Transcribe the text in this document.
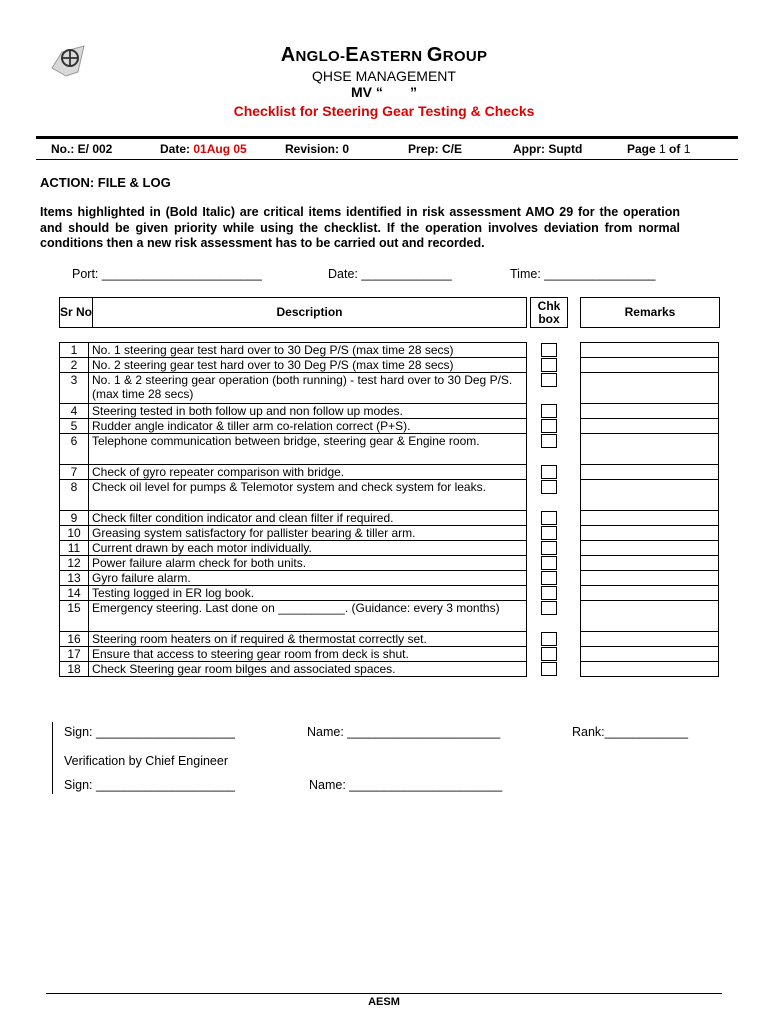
ANGLO-EASTERN GROUP
QHSE MANAGEMENT
MV “       ”
Checklist for Steering Gear Testing & Checks
No.: E/ 002	Date: 01Aug 05	Revision: 0	Prep: C/E	Appr: Suptd	Page 1 of 1
ACTION: FILE & LOG
Items highlighted in (Bold Italic) are critical items identified in risk assessment AMO 29 for the operation and should be given priority while using the checklist. If the operation involves deviation from normal conditions then a new risk assessment has to be carried out and recorded.
Port: _______________________	Date: _____________	Time: ________________
Sr No	Description	Chk box	Remarks
1	No. 1 steering gear test hard over to 30 Deg P/S (max time 28 secs)
2	No. 2 steering gear test hard over to 30 Deg P/S (max time 28 secs)
3	No. 1 & 2 steering gear operation (both running) - test hard over to 30 Deg P/S. (max time 28 secs)
4	Steering tested in both follow up and non follow up modes.
5	Rudder angle indicator & tiller arm co-relation correct (P+S).
6	Telephone communication between bridge, steering gear & Engine room.
7	Check of gyro repeater comparison with bridge.
8	Check oil level for pumps & Telemotor system and check system for leaks.
9	Check filter condition indicator and clean filter if required.
10	Greasing system satisfactory for pallister bearing & tiller arm.
11	Current drawn by each motor individually.
12	Power failure alarm check for both units.
13	Gyro failure alarm.
14	Testing logged in ER log book.
15	Emergency steering. Last done on __________. (Guidance: every 3 months)
16	Steering room heaters on if required & thermostat correctly set.
17	Ensure that access to steering gear room from deck is shut.
18	Check Steering gear room bilges and associated spaces.

Sign: ____________________	Name: ______________________	Rank:____________
Verification by Chief Engineer
Sign: ____________________	Name: ______________________
AESM
